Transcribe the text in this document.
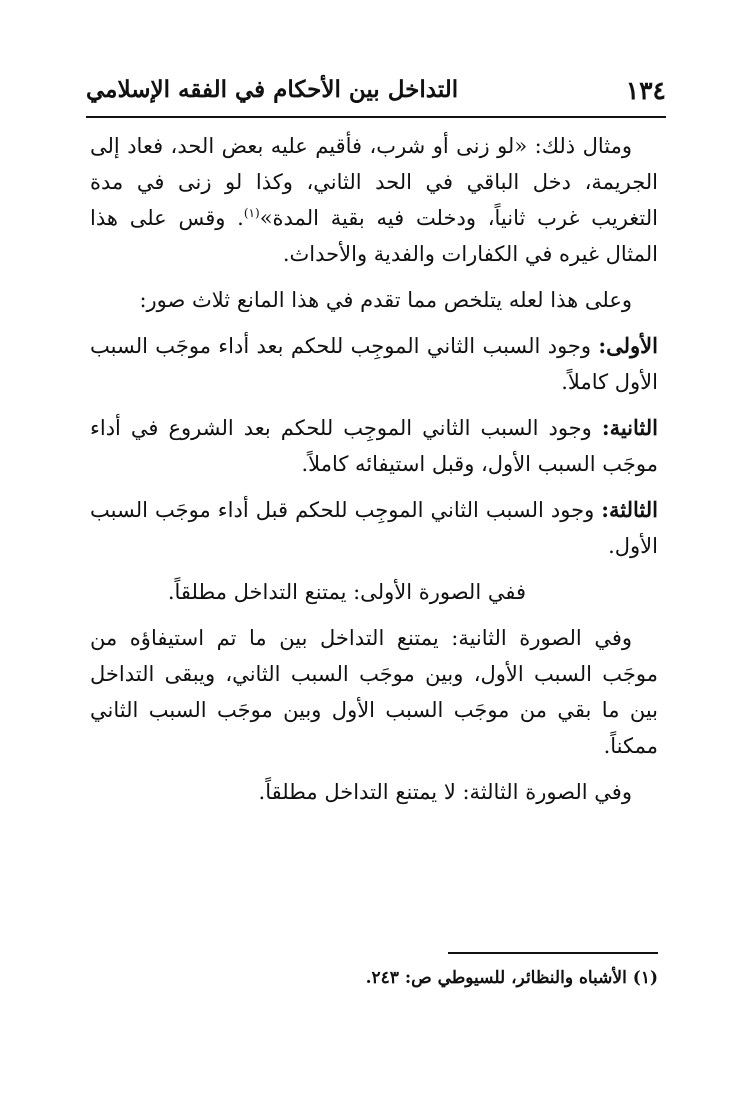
١٣٤
التداخل بين الأحكام في الفقه الإسلامي

ومثال ذلك: «لو زنى أو شرب، فأقيم عليه بعض الحد، فعاد إلى الجريمة، دخل الباقي في الحد الثاني، وكذا لو زنى في مدة التغريب غرب ثانياً، ودخلت فيه بقية المدة»$^{(١)}$. وقس على هذا المثال غيره في الكفارات والفدية والأحداث.

وعلى هذا لعله يتلخص مما تقدم في هذا المانع ثلاث صور:

الأولى: وجود السبب الثاني الموجِب للحكم بعد أداء موجَب السبب الأول كاملاً.

الثانية: وجود السبب الثاني الموجِب للحكم بعد الشروع في أداء موجَب السبب الأول، وقبل استيفائه كاملاً.

الثالثة: وجود السبب الثاني الموجِب للحكم قبل أداء موجَب السبب الأول.

ففي الصورة الأولى: يمتنع التداخل مطلقاً.

وفي الصورة الثانية: يمتنع التداخل بين ما تم استيفاؤه من موجَب السبب الأول، وبين موجَب السبب الثاني، ويبقى التداخل بين ما بقي من موجَب السبب الأول وبين موجَب السبب الثاني ممكناً.

وفي الصورة الثالثة: لا يمتنع التداخل مطلقاً.

(١) الأشباه والنظائر، للسيوطي ص: ٢٤٣.
